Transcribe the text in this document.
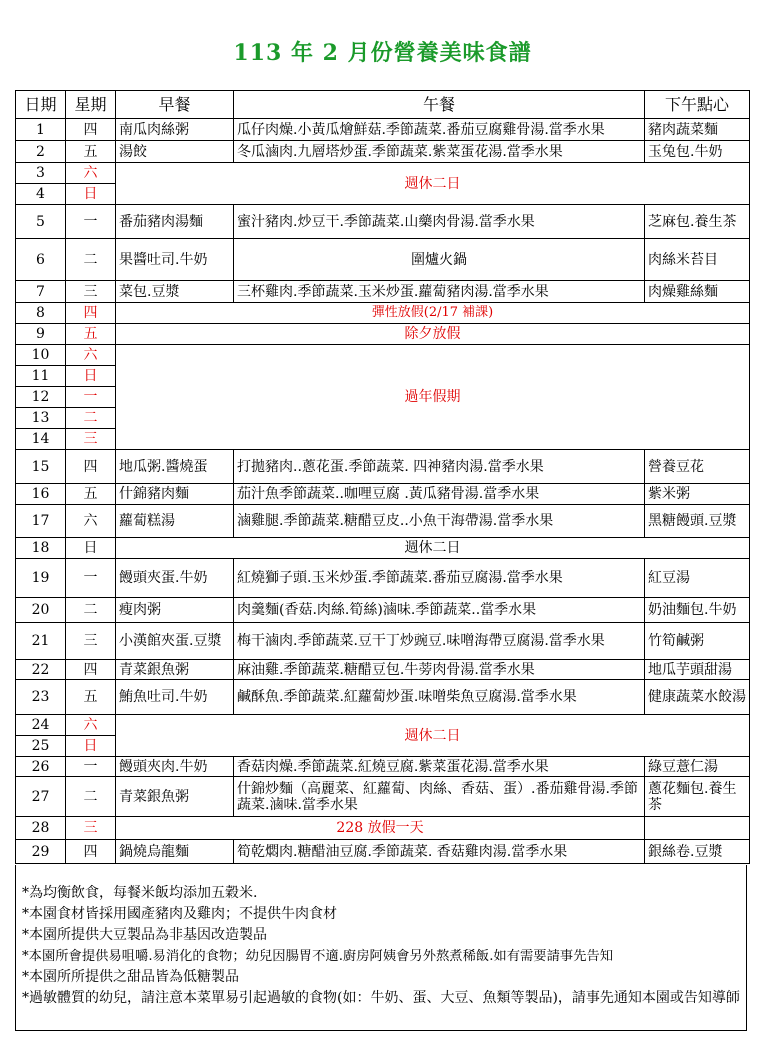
113 年 2 月份營養美味食譜
日期	星期	早餐	午餐	下午點心
1	四	南瓜肉絲粥	瓜仔肉燥.小黃瓜燴鮮菇.季節蔬菜.番茄豆腐雞骨湯.當季水果	豬肉蔬菜麵
2	五	湯餃	冬瓜滷肉.九層塔炒蛋.季節蔬菜.紫菜蛋花湯.當季水果	玉兔包.牛奶
3	六	週休二日		
4	日			
5	一	番茄豬肉湯麵	蜜汁豬肉.炒豆干.季節蔬菜.山藥肉骨湯.當季水果	芝麻包.養生茶
6	二	果醬吐司.牛奶	圍爐火鍋	肉絲米苔目
7	三	菜包.豆漿	三杯雞肉.季節蔬菜.玉米炒蛋.蘿蔔豬肉湯.當季水果	肉燥雞絲麵
8	四	彈性放假(2/17 補課)		
9	五	除夕放假		
10	六	過年假期		
11	日			
12	一			
13	二			
14	三			
15	四	地瓜粥.醬燒蛋	打拋豬肉..蔥花蛋.季節蔬菜. 四神豬肉湯.當季水果	營養豆花
16	五	什錦豬肉麵	茄汁魚季節蔬菜..咖哩豆腐 .黃瓜豬骨湯.當季水果	紫米粥
17	六	蘿蔔糕湯	滷雞腿.季節蔬菜.糖醋豆皮..小魚干海帶湯.當季水果	黑糖饅頭.豆漿
18	日	週休二日		
19	一	饅頭夾蛋.牛奶	紅燒獅子頭.玉米炒蛋.季節蔬菜.番茄豆腐湯.當季水果	紅豆湯
20	二	瘦肉粥	肉羹麵(香菇.肉絲.筍絲)滷味.季節蔬菜..當季水果	奶油麵包.牛奶
21	三	小漢館夾蛋.豆漿	梅干滷肉.季節蔬菜.豆干丁炒豌豆.味噌海帶豆腐湯.當季水果	竹筍鹹粥
22	四	青菜銀魚粥	麻油雞.季節蔬菜.糖醋豆包.牛蒡肉骨湯.當季水果	地瓜芋頭甜湯
23	五	鮪魚吐司.牛奶	鹹酥魚.季節蔬菜.紅蘿蔔炒蛋.味噌柴魚豆腐湯.當季水果	健康蔬菜水餃湯
24	六	週休二日		
25	日			
26	一	饅頭夾肉.牛奶	香菇肉燥.季節蔬菜.紅燒豆腐.紫菜蛋花湯.當季水果	綠豆薏仁湯
27	二	青菜銀魚粥	什錦炒麵（高麗菜、紅蘿蔔、肉絲、香菇、蛋）.番茄雞骨湯.季節蔬菜.滷味.當季水果	蔥花麵包.養生茶
28	三	228 放假一天		
29	四	鍋燒烏龍麵	筍乾燜肉.糖醋油豆腐.季節蔬菜. 香菇雞肉湯.當季水果	銀絲卷.豆漿
*為均衡飲食，每餐米飯均添加五穀米.
*本園食材皆採用國產豬肉及雞肉；不提供牛肉食材
*本園所提供大豆製品為非基因改造製品
*本園所會提供易咀嚼.易消化的食物；幼兒因腸胃不適.廚房阿姨會另外熬煮稀飯.如有需要請事先告知
*本園所所提供之甜品皆為低糖製品
*過敏體質的幼兒，請注意本菜單易引起過敏的食物(如：牛奶、蛋、大豆、魚類等製品)，請事先通知本園或告知導師
